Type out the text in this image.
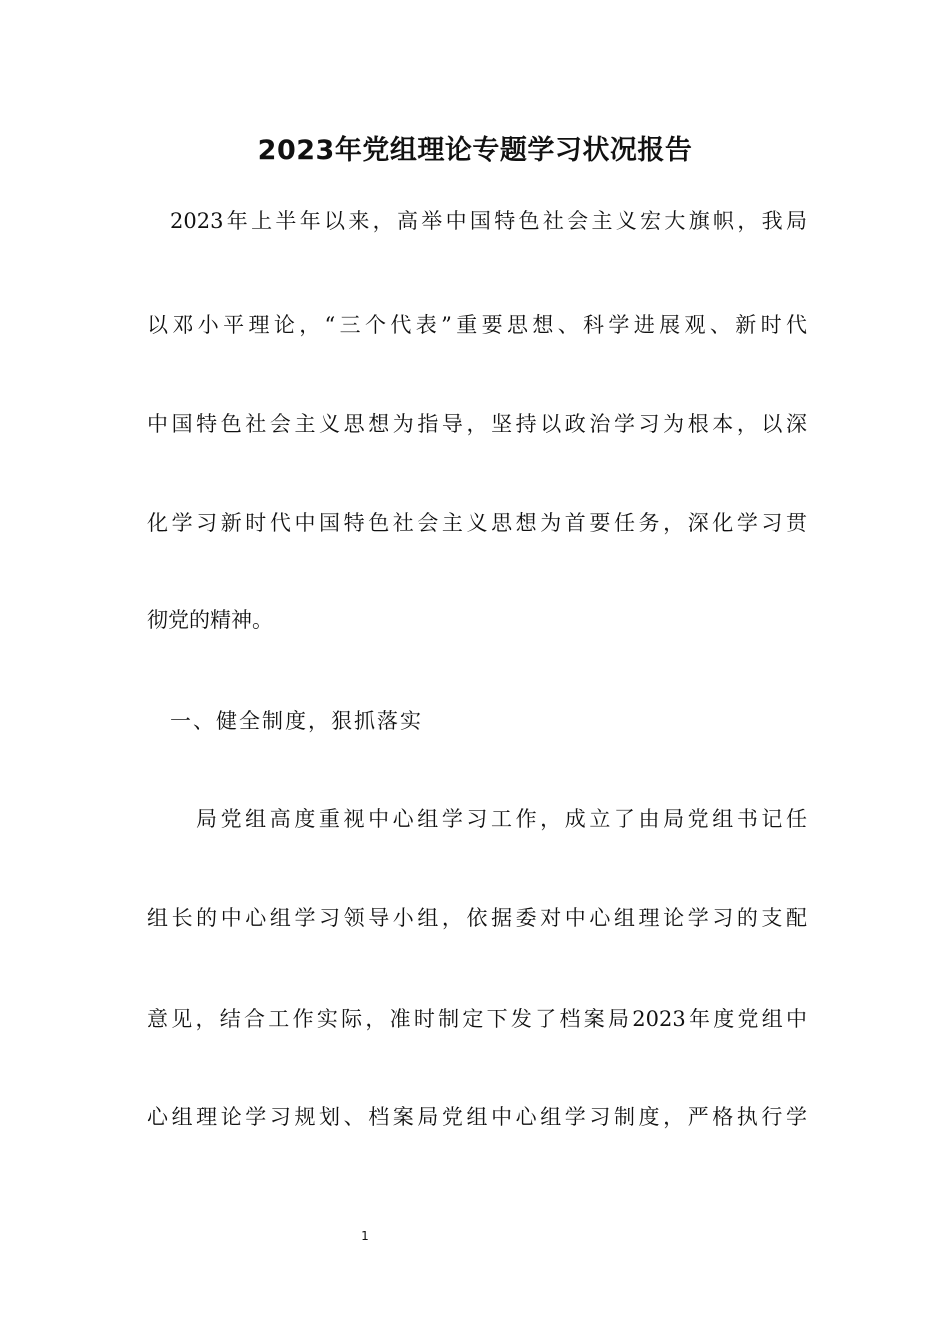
2023年党组理论专题学习状况报告
2023年上半年以来，高举中国特色社会主义宏大旗帜，我局
以邓小平理论，“三个代表”重要思想、科学进展观、新时代
中国特色社会主义思想为指导，坚持以政治学习为根本，以深
化学习新时代中国特色社会主义思想为首要任务，深化学习贯
彻党的精神。
一、健全制度，狠抓落实
局党组高度重视中心组学习工作，成立了由局党组书记任
组长的中心组学习领导小组，依据委对中心组理论学习的支配
意见，结合工作实际，准时制定下发了档案局2023年度党组中
心组理论学习规划、档案局党组中心组学习制度，严格执行学
1
